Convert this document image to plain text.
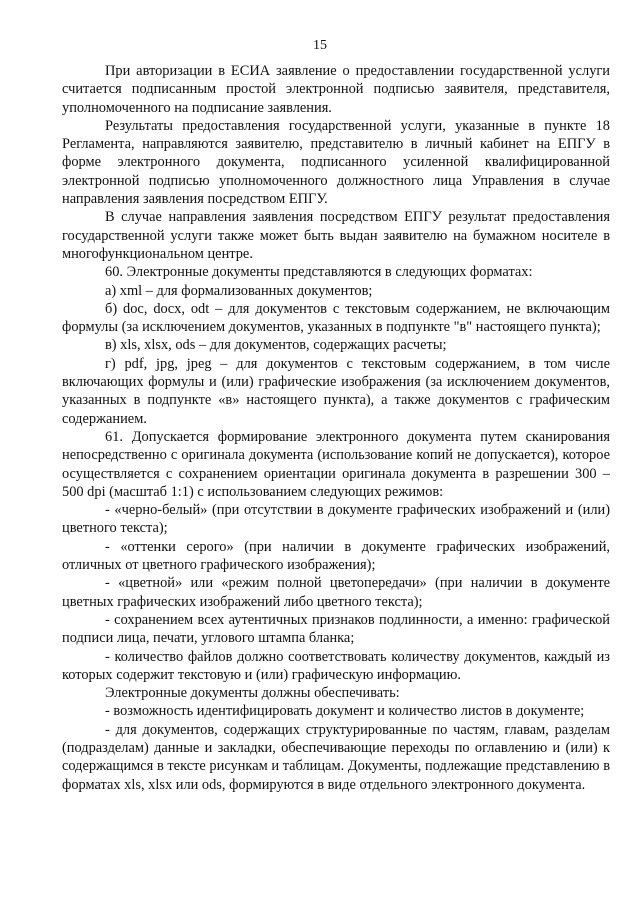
15

При авторизации в ЕСИА заявление о предоставлении государственной услуги считается подписанным простой электронной подписью заявителя, представителя, уполномоченного на подписание заявления.

Результаты предоставления государственной услуги, указанные в пункте 18 Регламента, направляются заявителю, представителю в личный кабинет на ЕПГУ в форме электронного документа, подписанного усиленной квалифицированной электронной подписью уполномоченного должностного лица Управления в случае направления заявления посредством ЕПГУ.

В случае направления заявления посредством ЕПГУ результат предоставления государственной услуги также может быть выдан заявителю на бумажном носителе в многофункциональном центре.

60. Электронные документы представляются в следующих форматах:

а) xml – для формализованных документов;

б) doc, docx, odt – для документов с текстовым содержанием, не включающим формулы (за исключением документов, указанных в подпункте "в" настоящего пункта);

в) xls, xlsx, ods – для документов, содержащих расчеты;

г) pdf, jpg, jpeg – для документов с текстовым содержанием, в том числе включающих формулы и (или) графические изображения (за исключением документов, указанных в подпункте «в» настоящего пункта), а также документов с графическим содержанием.

61. Допускается формирование электронного документа путем сканирования непосредственно с оригинала документа (использование копий не допускается), которое осуществляется с сохранением ориентации оригинала документа в разрешении 300 – 500 dpi (масштаб 1:1) с использованием следующих режимов:

- «черно-белый» (при отсутствии в документе графических изображений и (или) цветного текста);

- «оттенки серого» (при наличии в документе графических изображений, отличных от цветного графического изображения);

- «цветной» или «режим полной цветопередачи» (при наличии в документе цветных графических изображений либо цветного текста);

- сохранением всех аутентичных признаков подлинности, а именно: графической подписи лица, печати, углового штампа бланка;

- количество файлов должно соответствовать количеству документов, каждый из которых содержит текстовую и (или) графическую информацию.

Электронные документы должны обеспечивать:

- возможность идентифицировать документ и количество листов в документе;

- для документов, содержащих структурированные по частям, главам, разделам (подразделам) данные и закладки, обеспечивающие переходы по оглавлению и (или) к содержащимся в тексте рисункам и таблицам. Документы, подлежащие представлению в форматах xls, xlsx или ods, формируются в виде отдельного электронного документа.
